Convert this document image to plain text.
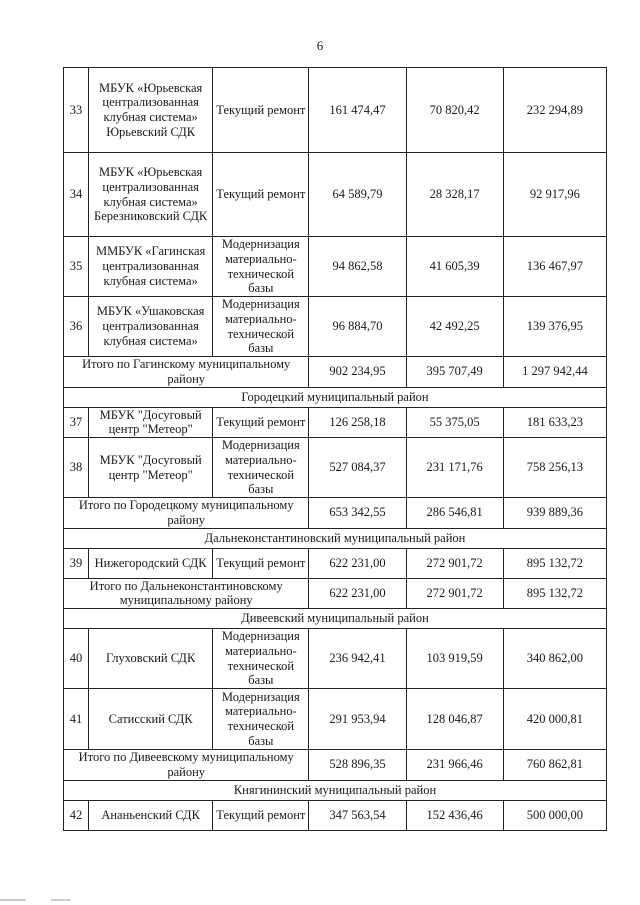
6
33	МБУК «Юрьевская централизованная клубная система» Юрьевский СДК	Текущий ремонт	161 474,47	70 820,42	232 294,89
34	МБУК «Юрьевская централизованная клубная система» Березниковский СДК	Текущий ремонт	64 589,79	28 328,17	92 917,96
35	ММБУК «Гагинская централизованная клубная система»	Модернизация материально-технической базы	94 862,58	41 605,39	136 467,97
36	МБУК «Ушаковская централизованная клубная система»	Модернизация материально-технической базы	96 884,70	42 492,25	139 376,95
Итого по Гагинскому муниципальному району			902 234,95	395 707,49	1 297 942,44
Городецкий муниципальный район					
37	МБУК "Досуговый центр "Метеор"	Текущий ремонт	126 258,18	55 375,05	181 633,23
38	МБУК "Досуговый центр "Метеор"	Модернизация материально-технической базы	527 084,37	231 171,76	758 256,13
Итого по Городецкому муниципальному району			653 342,55	286 546,81	939 889,36
Дальнеконстантиновский муниципальный район					
39	Нижегородский СДК	Текущий ремонт	622 231,00	272 901,72	895 132,72
Итого по Дальнеконстантиновскому муниципальному району			622 231,00	272 901,72	895 132,72
Дивеевский муниципальный район					
40	Глуховский СДК	Модернизация материально-технической базы	236 942,41	103 919,59	340 862,00
41	Сатисский СДК	Модернизация материально-технической базы	291 953,94	128 046,87	420 000,81
Итого по Дивеевскому муниципальному району			528 896,35	231 966,46	760 862,81
Княгининский муниципальный район					
42	Ананьенский СДК	Текущий ремонт	347 563,54	152 436,46	500 000,00
